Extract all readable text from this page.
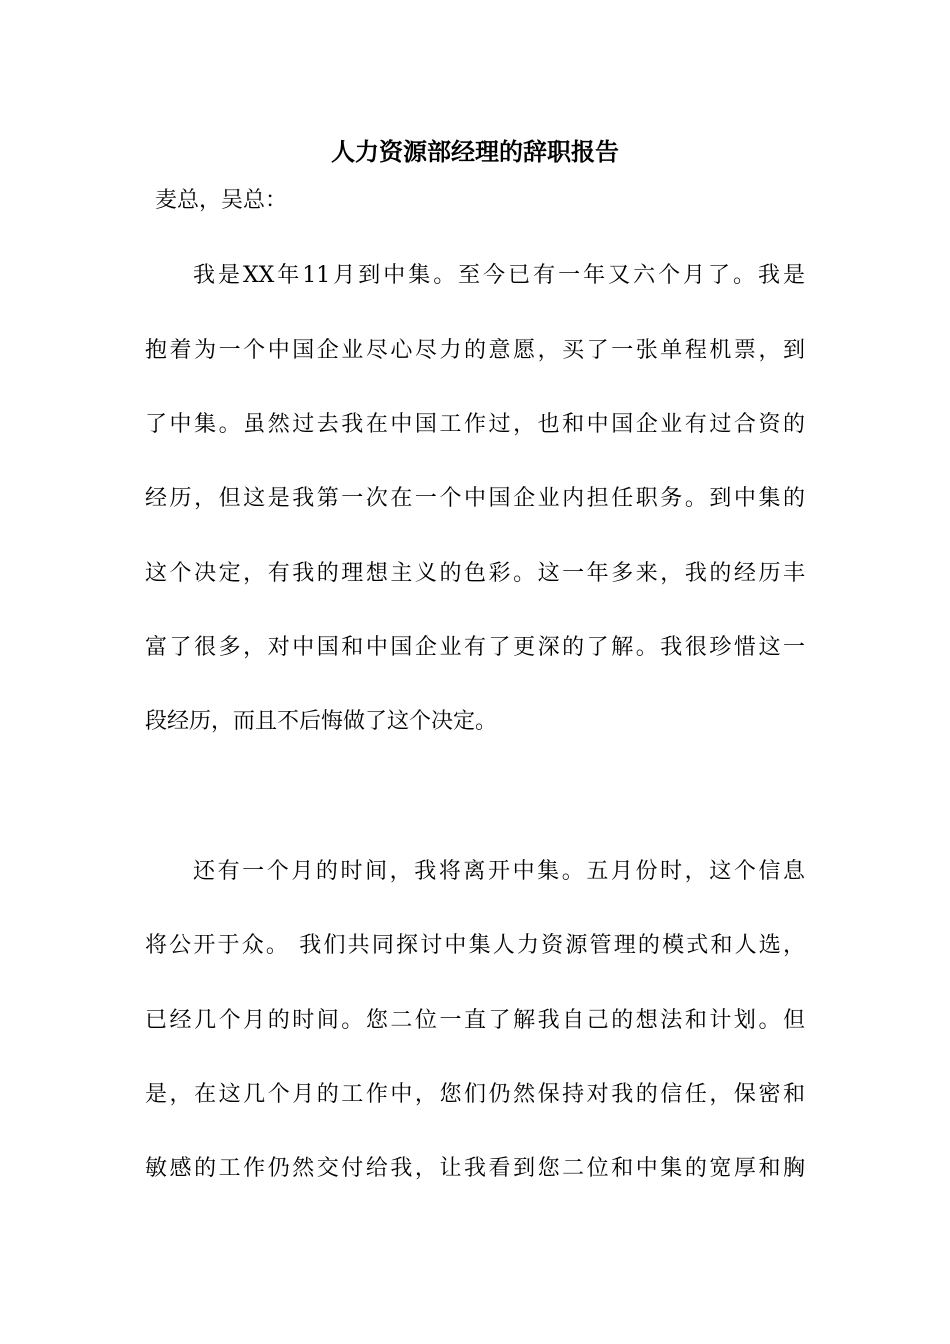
人力资源部经理的辞职报告

麦总，吴总：

我是XX年11月到中集。至今已有一年又六个月了。我是

抱着为一个中国企业尽心尽力的意愿，买了一张单程机票，到

了中集。虽然过去我在中国工作过，也和中国企业有过合资的

经历，但这是我第一次在一个中国企业内担任职务。到中集的

这个决定，有我的理想主义的色彩。这一年多来，我的经历丰

富了很多，对中国和中国企业有了更深的了解。我很珍惜这一

段经历，而且不后悔做了这个决定。

还有一个月的时间，我将离开中集。五月份时，这个信息

将公开于众。 我们共同探讨中集人力资源管理的模式和人选，

已经几个月的时间。您二位一直了解我自己的想法和计划。但

是，在这几个月的工作中，您们仍然保持对我的信任，保密和

敏感的工作仍然交付给我，让我看到您二位和中集的宽厚和胸
